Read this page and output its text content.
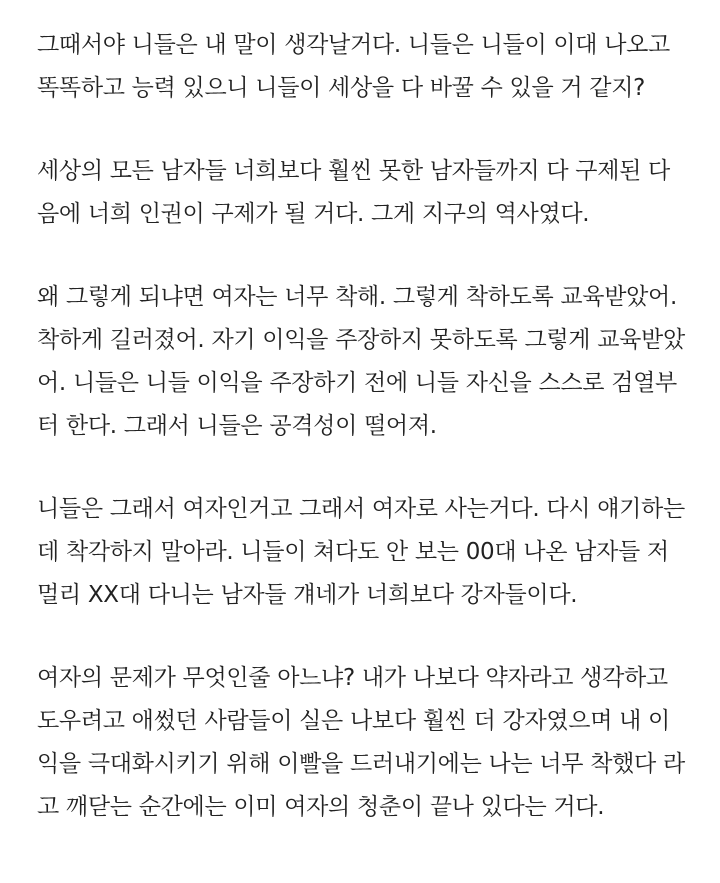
그때서야 니들은 내 말이 생각날거다. 니들은 니들이 이대 나오고
똑똑하고 능력 있으니 니들이 세상을 다 바꿀 수 있을 거 같지?
세상의 모든 남자들 너희보다 훨씬 못한 남자들까지 다 구제된 다
음에 너희 인권이 구제가 될 거다. 그게 지구의 역사였다.
왜 그렇게 되냐면 여자는 너무 착해. 그렇게 착하도록 교육받았어.
착하게 길러졌어. 자기 이익을 주장하지 못하도록 그렇게 교육받았
어. 니들은 니들 이익을 주장하기 전에 니들 자신을 스스로 검열부
터 한다. 그래서 니들은 공격성이 떨어져.
니들은 그래서 여자인거고 그래서 여자로 사는거다. 다시 얘기하는
데 착각하지 말아라. 니들이 쳐다도 안 보는 00대 나온 남자들 저
멀리 XX대 다니는 남자들 걔네가 너희보다 강자들이다.
여자의 문제가 무엇인줄 아느냐? 내가 나보다 약자라고 생각하고
도우려고 애썼던 사람들이 실은 나보다 훨씬 더 강자였으며 내 이
익을 극대화시키기 위해 이빨을 드러내기에는 나는 너무 착했다 라
고 깨닫는 순간에는 이미 여자의 청춘이 끝나 있다는 거다.
